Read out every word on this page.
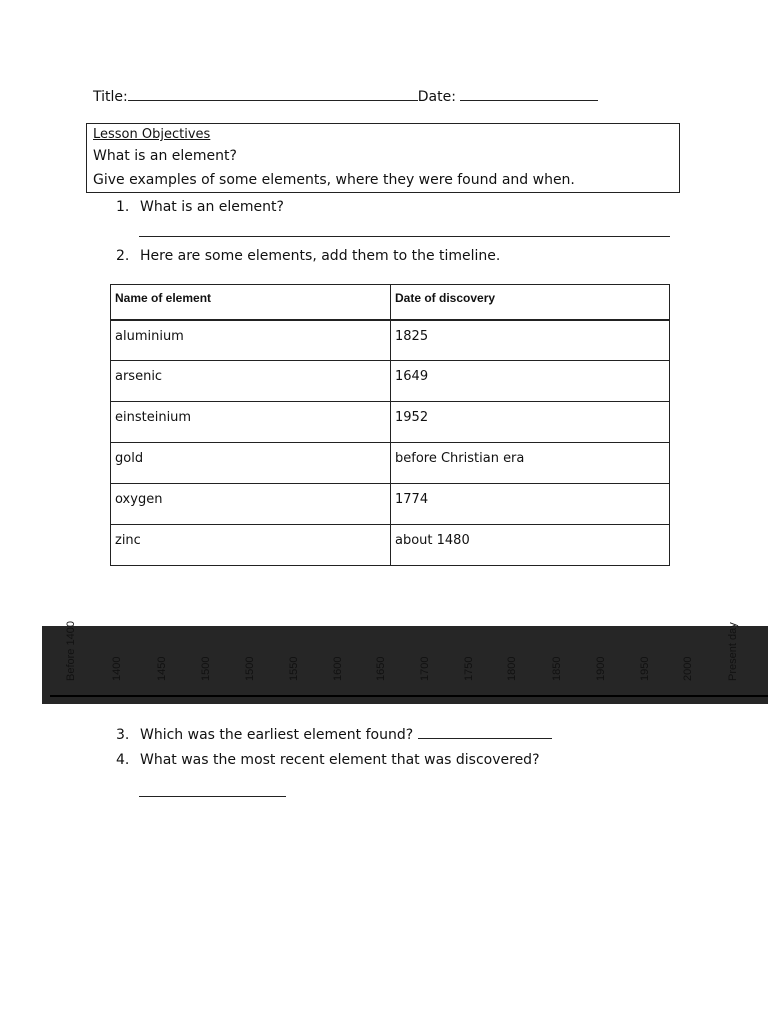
Title:	Date:
Lesson Objectives
What is an element?
Give examples of some elements, where they were found and when.
1. What is an element?
2. Here are some elements, add them to the timeline.
Name of element	Date of discovery
aluminium	1825
arsenic	1649
einsteinium	1952
gold	before Christian era
oxygen	1774
zinc	about 1480
Before 1400	1400	1450	1500	1500	1550	1600	1650	1700	1750	1800	1850	1900	1950	2000	Present day
3. Which was the earliest element found?
4. What was the most recent element that was discovered?
